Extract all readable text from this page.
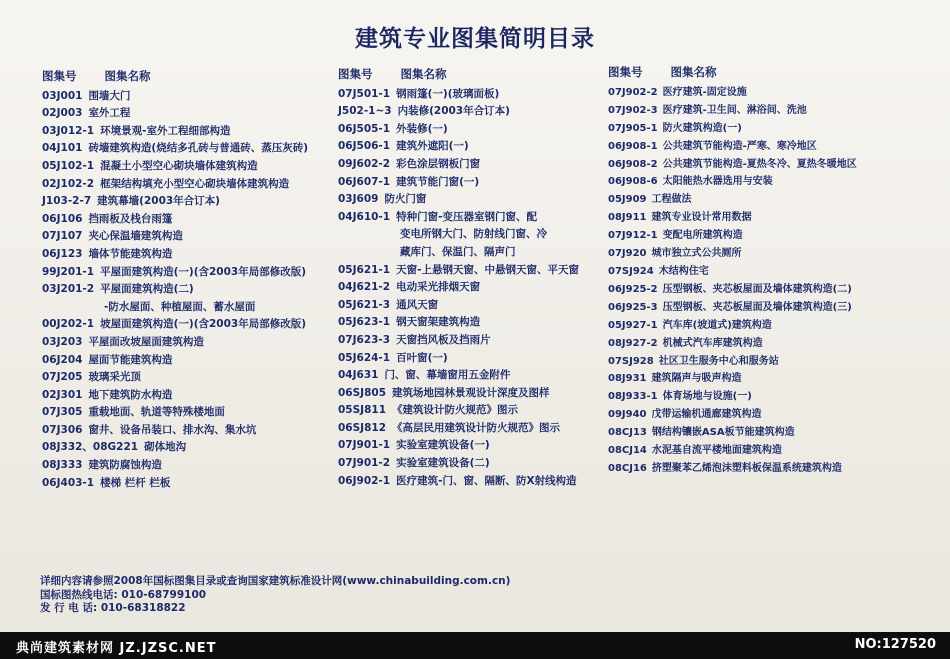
建筑专业图集简明目录
图集号 图集名称
03J001 围墙大门
02J003 室外工程
03J012-1 环境景观-室外工程细部构造
04J101 砖墙建筑构造(烧结多孔砖与普通砖、蒸压灰砖)
05J102-1 混凝土小型空心砌块墙体建筑构造
02J102-2 框架结构填充小型空心砌块墙体建筑构造
J103-2-7 建筑幕墙(2003年合订本)
06J106 挡雨板及栈台雨篷
07J107 夹心保温墙建筑构造
06J123 墙体节能建筑构造
99J201-1 平屋面建筑构造(一)(含2003年局部修改版)
03J201-2 平屋面建筑构造(二)
-防水屋面、种植屋面、蓄水屋面
00J202-1 坡屋面建筑构造(一)(含2003年局部修改版)
03J203 平屋面改坡屋面建筑构造
06J204 屋面节能建筑构造
07J205 玻璃采光顶
02J301 地下建筑防水构造
07J305 重载地面、轨道等特殊楼地面
07J306 窗井、设备吊装口、排水沟、集水坑
08J332、08G221 砌体地沟
08J333 建筑防腐蚀构造
06J403-1 楼梯 栏杆 栏板
图集号 图集名称
07J501-1 钢雨篷(一)(玻璃面板)
J502-1~3 内装修(2003年合订本)
06J505-1 外装修(一)
06J506-1 建筑外遮阳(一)
09J602-2 彩色涂层钢板门窗
06J607-1 建筑节能门窗(一)
03J609 防火门窗
04J610-1 特种门窗-变压器室钢门窗、配
变电所钢大门、防射线门窗、冷
藏库门、保温门、隔声门
05J621-1 天窗-上悬钢天窗、中悬钢天窗、平天窗
04J621-2 电动采光排烟天窗
05J621-3 通风天窗
05J623-1 钢天窗架建筑构造
07J623-3 天窗挡风板及挡雨片
05J624-1 百叶窗(一)
04J631 门、窗、幕墙窗用五金附件
06SJ805 建筑场地园林景观设计深度及图样
05SJ811 《建筑设计防火规范》图示
06SJ812 《高层民用建筑设计防火规范》图示
07J901-1 实验室建筑设备(一)
07J901-2 实验室建筑设备(二)
06J902-1 医疗建筑-门、窗、隔断、防X射线构造
图集号 图集名称
07J902-2 医疗建筑-固定设施
07J902-3 医疗建筑-卫生间、淋浴间、洗池
07J905-1 防火建筑构造(一)
06J908-1 公共建筑节能构造-严寒、寒冷地区
06J908-2 公共建筑节能构造-夏热冬冷、夏热冬暖地区
06J908-6 太阳能热水器选用与安装
05J909 工程做法
08J911 建筑专业设计常用数据
07J912-1 变配电所建筑构造
07J920 城市独立式公共厕所
07SJ924 木结构住宅
06J925-2 压型钢板、夹芯板屋面及墙体建筑构造(二)
06J925-3 压型钢板、夹芯板屋面及墙体建筑构造(三)
05J927-1 汽车库(坡道式)建筑构造
08J927-2 机械式汽车库建筑构造
07SJ928 社区卫生服务中心和服务站
08J931 建筑隔声与吸声构造
08J933-1 体育场地与设施(一)
09J940 戊带运输机通廊建筑构造
08CJ13 钢结构镶嵌ASA板节能建筑构造
08CJ14 水泥基自流平楼地面建筑构造
08CJ16 挤塑聚苯乙烯泡沫塑料板保温系统建筑构造
详细内容请参照2008年国标图集目录或查询国家建筑标准设计网(www.chinabuilding.com.cn)
国标图热线电话: 010-68799100
发 行 电 话: 010-68318822
典尚建筑素材网 JZ.JZSC.NET	NO:127520
